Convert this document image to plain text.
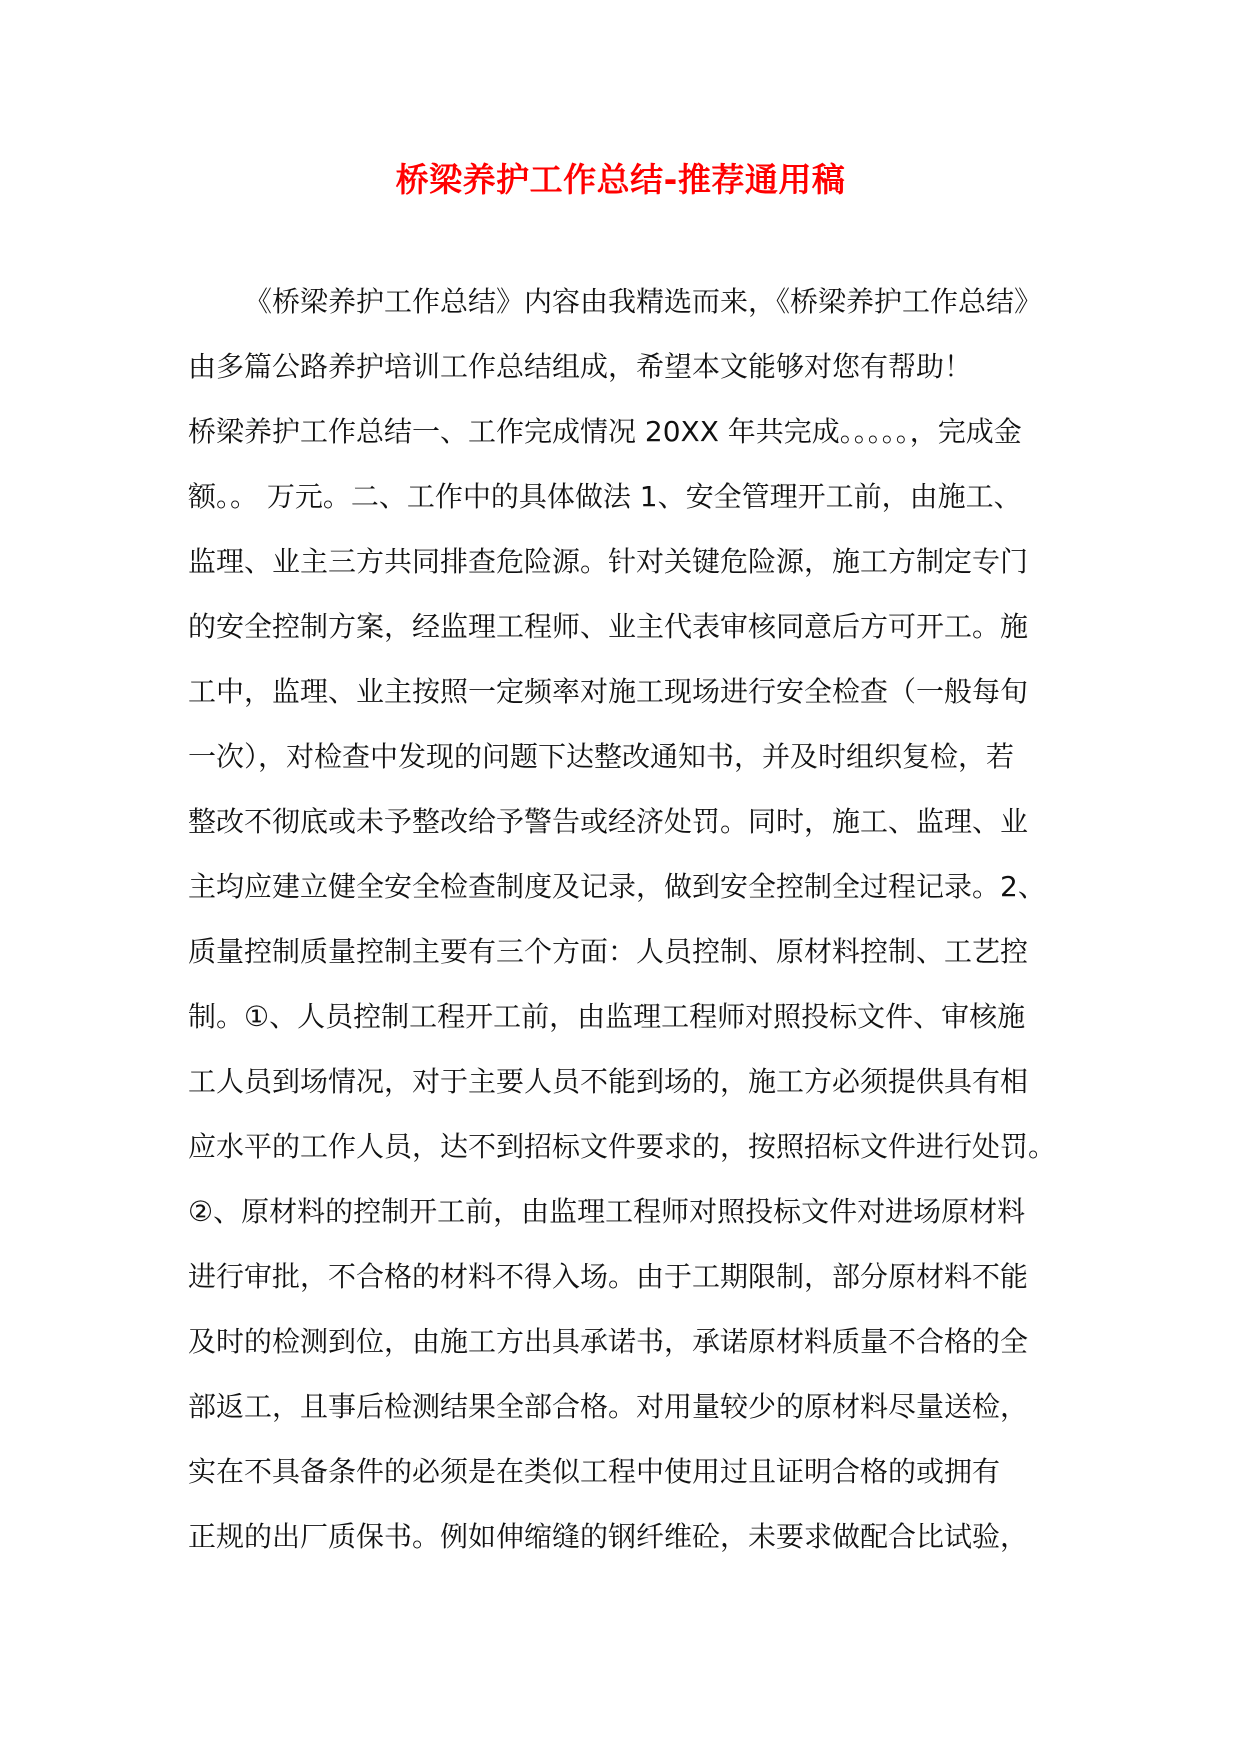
桥梁养护工作总结-推荐通用稿
《桥梁养护工作总结》内容由我精选而来，《桥梁养护工作总结》
由多篇公路养护培训工作总结组成，希望本文能够对您有帮助！
桥梁养护工作总结一、工作完成情况 20XX 年共完成。。。。。，完成金
额。。 万元。二、工作中的具体做法 1、安全管理开工前，由施工、
监理、业主三方共同排查危险源。针对关键危险源，施工方制定专门
的安全控制方案，经监理工程师、业主代表审核同意后方可开工。施
工中，监理、业主按照一定频率对施工现场进行安全检查（一般每旬
一次），对检查中发现的问题下达整改通知书，并及时组织复检，若
整改不彻底或未予整改给予警告或经济处罚。同时，施工、监理、业
主均应建立健全安全检查制度及记录，做到安全控制全过程记录。2、
质量控制质量控制主要有三个方面：人员控制、原材料控制、工艺控
制。①、人员控制工程开工前，由监理工程师对照投标文件、审核施
工人员到场情况，对于主要人员不能到场的，施工方必须提供具有相
应水平的工作人员，达不到招标文件要求的，按照招标文件进行处罚。
②、原材料的控制开工前，由监理工程师对照投标文件对进场原材料
进行审批，不合格的材料不得入场。由于工期限制，部分原材料不能
及时的检测到位，由施工方出具承诺书，承诺原材料质量不合格的全
部返工，且事后检测结果全部合格。对用量较少的原材料尽量送检，
实在不具备条件的必须是在类似工程中使用过且证明合格的或拥有
正规的出厂质保书。例如伸缩缝的钢纤维砼，未要求做配合比试验，
